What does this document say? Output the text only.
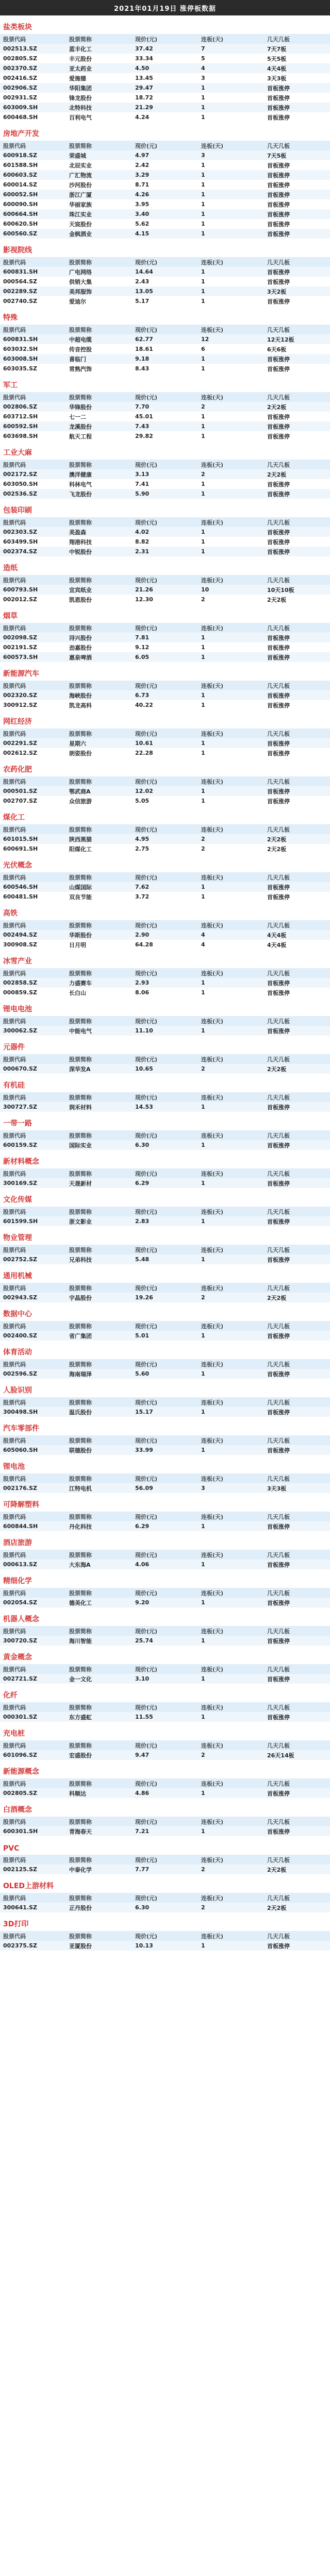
2021年01月19日 涨停板数据
盐类板块
股票代码	股票简称	现价(元)	连板(天)	几天几板
002513.SZ	蓝丰化工	37.42	7	7天7板
002805.SZ	丰元股份	33.34	5	5天5板
002370.SZ	亚太药业	4.50	4	4天4板
002416.SZ	爱施德	13.45	3	3天3板
002906.SZ	华阳集团	29.47	1	首板涨停
002931.SZ	锋龙股份	18.72	1	首板涨停
603009.SH	北特科技	21.29	1	首板涨停
600468.SH	百利电气	4.24	1	首板涨停
房地产开发
股票代码	股票简称	现价(元)	连板(天)	几天几板
600918.SZ	荣盛城	4.97	3	7天5板
601588.SH	北辰实业	2.42	1	首板涨停
600603.SZ	广汇物流	3.29	1	首板涨停
600014.SZ	沙河股份	8.71	1	首板涨停
600052.SH	浙江广厦	4.26	1	首板涨停
600090.SH	华丽家族	3.95	1	首板涨停
600664.SH	珠江实业	3.40	1	首板涨停
600620.SH	天宸股份	5.62	1	首板涨停
600560.SZ	金枫酒业	4.15	1	首板涨停
影视院线
股票代码	股票简称	现价(元)	连板(天)	几天几板
600831.SH	广电网络	14.64	1	首板涨停
000564.SZ	供销大集	2.43	1	首板涨停
002289.SZ	美邦服饰	13.05	1	3天2板
002740.SZ	爱迪尔	5.17	1	首板涨停
特殊
股票代码	股票简称	现价(元)	连板(天)	几天几板
600831.SH	中超电缆	62.77	12	12天12板
603032.SH	传音控股	18.61	6	6天6板
603008.SH	喜临门	9.18	1	首板涨停
603035.SZ	常熟汽饰	8.43	1	首板涨停
军工
股票代码	股票简称	现价(元)	连板(天)	几天几板
002806.SZ	华锋股份	7.70	2	2天2板
603712.SH	七一二	45.01	1	首板涨停
600592.SH	龙溪股份	7.43	1	首板涨停
603698.SH	航天工程	29.82	1	首板涨停
工业大麻
股票代码	股票简称	现价(元)	连板(天)	几天几板
002172.SZ	澳洋健康	3.13	2	2天2板
603050.SH	科林电气	7.41	1	首板涨停
002536.SZ	飞龙股份	5.90	1	首板涨停
包装印刷
股票代码	股票简称	现价(元)	连板(天)	几天几板
002303.SZ	美盈森	4.02	1	首板涨停
603499.SH	翔港科技	8.82	1	首板涨停
002374.SZ	中锐股份	2.31	1	首板涨停
造纸
股票代码	股票简称	现价(元)	连板(天)	几天几板
600793.SH	宜宾纸业	21.26	10	10天10板
002012.SZ	凯恩股份	12.30	2	2天2板
烟草
股票代码	股票简称	现价(元)	连板(天)	几天几板
002098.SZ	浔兴股份	7.81	1	首板涨停
002191.SZ	劲嘉股份	9.12	1	首板涨停
600573.SH	惠泉啤酒	6.05	1	首板涨停
新能源汽车
股票代码	股票简称	现价(元)	连板(天)	几天几板
002320.SZ	海峡股份	6.73	1	首板涨停
300912.SZ	凯龙高科	40.22	1	首板涨停
网红经济
股票代码	股票简称	现价(元)	连板(天)	几天几板
002291.SZ	星期六	10.61	1	首板涨停
002612.SZ	朗姿股份	22.28	1	首板涨停
农药化肥
股票代码	股票简称	现价(元)	连板(天)	几天几板
000501.SZ	鄂武商A	12.02	1	首板涨停
002707.SZ	众信旅游	5.05	1	首板涨停
煤化工
股票代码	股票简称	现价(元)	连板(天)	几天几板
601015.SH	陕西黑猫	4.95	2	2天2板
600691.SH	阳煤化工	2.75	2	2天2板
光伏概念
股票代码	股票简称	现价(元)	连板(天)	几天几板
600546.SH	山煤国际	7.62	1	首板涨停
600481.SH	双良节能	3.72	1	首板涨停
高铁
股票代码	股票简称	现价(元)	连板(天)	几天几板
002494.SZ	华斯股份	2.90	4	4天4板
300908.SZ	日月明	64.28	4	4天4板
冰雪产业
股票代码	股票简称	现价(元)	连板(天)	几天几板
002858.SZ	力盛赛车	2.93	1	首板涨停
000859.SZ	长白山	8.06	1	首板涨停
锂电电池
股票代码	股票简称	现价(元)	连板(天)	几天几板
300062.SZ	中能电气	11.10	1	首板涨停
元器件
股票代码	股票简称	现价(元)	连板(天)	几天几板
000670.SZ	深华发A	10.65	2	2天2板
有机硅
股票代码	股票简称	现价(元)	连板(天)	几天几板
300727.SZ	润禾材料	14.53	1	首板涨停
一带一路
股票代码	股票简称	现价(元)	连板(天)	几天几板
600159.SZ	国际实业	6.30	1	首板涨停
新材料概念
股票代码	股票简称	现价(元)	连板(天)	几天几板
300169.SZ	天晟新材	6.29	1	首板涨停
文化传媒
股票代码	股票简称	现价(元)	连板(天)	几天几板
601599.SH	浙文影业	2.83	1	首板涨停
物业管理
股票代码	股票简称	现价(元)	连板(天)	几天几板
002752.SZ	兄弟科技	5.48	1	首板涨停
通用机械
股票代码	股票简称	现价(元)	连板(天)	几天几板
002943.SZ	宇晶股份	19.26	2	2天2板
数据中心
股票代码	股票简称	现价(元)	连板(天)	几天几板
002400.SZ	省广集团	5.01	1	首板涨停
体育活动
股票代码	股票简称	现价(元)	连板(天)	几天几板
002596.SZ	海南瑞泽	5.60	1	首板涨停
人脸识别
股票代码	股票简称	现价(元)	连板(天)	几天几板
300498.SH	温氏股份	15.17	1	首板涨停
汽车零部件
股票代码	股票简称	现价(元)	连板(天)	几天几板
605060.SH	联德股份	33.99	1	首板涨停
锂电池
股票代码	股票简称	现价(元)	连板(天)	几天几板
002176.SZ	江特电机	56.09	3	3天3板
可降解塑料
股票代码	股票简称	现价(元)	连板(天)	几天几板
600844.SH	丹化科技	6.29	1	首板涨停
酒店旅游
股票代码	股票简称	现价(元)	连板(天)	几天几板
000613.SZ	大东海A	4.06	1	首板涨停
精细化学
股票代码	股票简称	现价(元)	连板(天)	几天几板
002054.SZ	德美化工	9.20	1	首板涨停
机器人概念
股票代码	股票简称	现价(元)	连板(天)	几天几板
300720.SZ	海川智能	25.74	1	首板涨停
黄金概念
股票代码	股票简称	现价(元)	连板(天)	几天几板
002721.SZ	金一文化	3.10	1	首板涨停
化纤
股票代码	股票简称	现价(元)	连板(天)	几天几板
000301.SZ	东方盛虹	11.55	1	首板涨停
充电桩
股票代码	股票简称	现价(元)	连板(天)	几天几板
601096.SZ	宏盛股份	9.47	2	26天14板
新能源概念
股票代码	股票简称	现价(元)	连板(天)	几天几板
002805.SZ	科顺达	4.86	1	首板涨停
白酒概念
股票代码	股票简称	现价(元)	连板(天)	几天几板
600301.SH	青海春天	7.21	1	首板涨停
PVC
股票代码	股票简称	现价(元)	连板(天)	几天几板
002125.SZ	中泰化学	7.77	2	2天2板
OLED上游材料
股票代码	股票简称	现价(元)	连板(天)	几天几板
300641.SZ	正丹股份	6.30	2	2天2板
3D打印
股票代码	股票简称	现价(元)	连板(天)	几天几板
002375.SZ	亚厦股份	10.13	1	首板涨停
